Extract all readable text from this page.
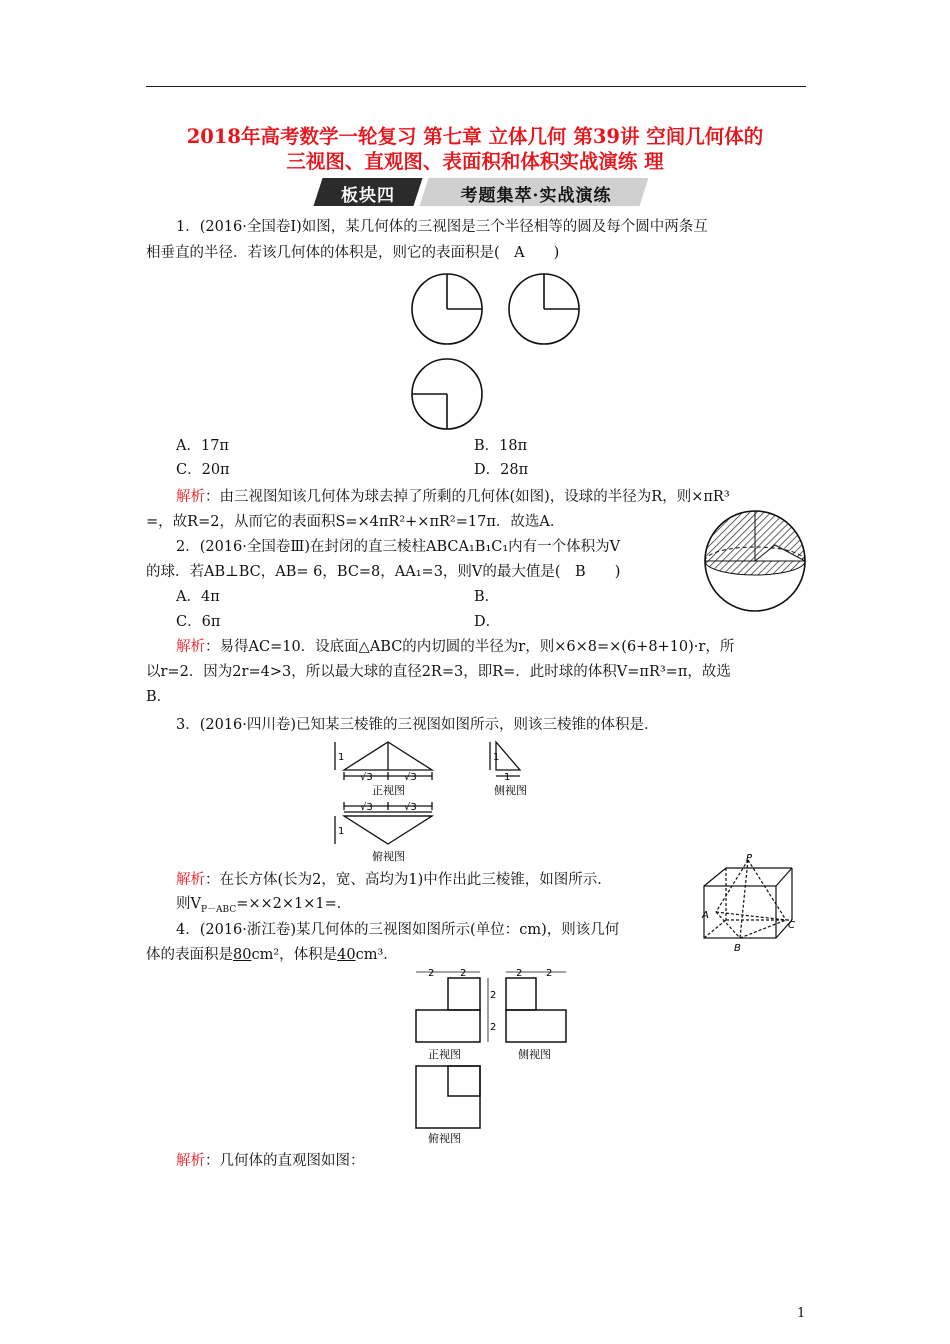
2018年高考数学一轮复习 第七章 立体几何 第39讲 空间几何体的
三视图、直观图、表面积和体积实战演练 理
板块四	考题集萃·实战演练
1．(2016·全国卷Ⅰ)如图，某几何体的三视图是三个半径相等的圆及每个圆中两条互
相垂直的半径．若该几何体的体积是，则它的表面积是(　A　　)
A．17π	B．18π
C．20π	D．28π
解析：由三视图知该几何体为球去掉了所剩的几何体(如图)，设球的半径为R，则×πR³
=，故R=2，从而它的表面积S=×4πR²+×πR²=17π．故选A．
2．(2016·全国卷Ⅲ)在封闭的直三棱柱ABCA₁B₁C₁内有一个体积为V
的球．若AB⊥BC，AB= 6，BC=8，AA₁=3，则V的最大值是(　B　　)
A．4π	B．
C．6π	D．
解析：易得AC=10．设底面△ABC的内切圆的半径为r，则×6×8=×(6+8+10)·r，所
以r=2．因为2r=4>3，所以最大球的直径2R=3，即R=．此时球的体积V=πR³=π，故选
B．
3．(2016·四川卷)已知某三棱锥的三视图如图所示，则该三棱锥的体积是．
√3	√3	1
√3	√3
1	1
1
正视图	侧视图
俯视图
解析：在长方体(长为2，宽、高均为1)中作出此三棱锥，如图所示．
则$V_{P-ABC}=\times\times 2\times 1\times 1=$．
P
A
B
C
4．(2016·浙江卷)某几何体的三视图如图所示(单位：cm)，则该几何
体的表面积是80cm²，体积是40cm³．
2	2	2 2
2
2
正视图	侧视图
俯视图
解析：几何体的直观图如图：
1
